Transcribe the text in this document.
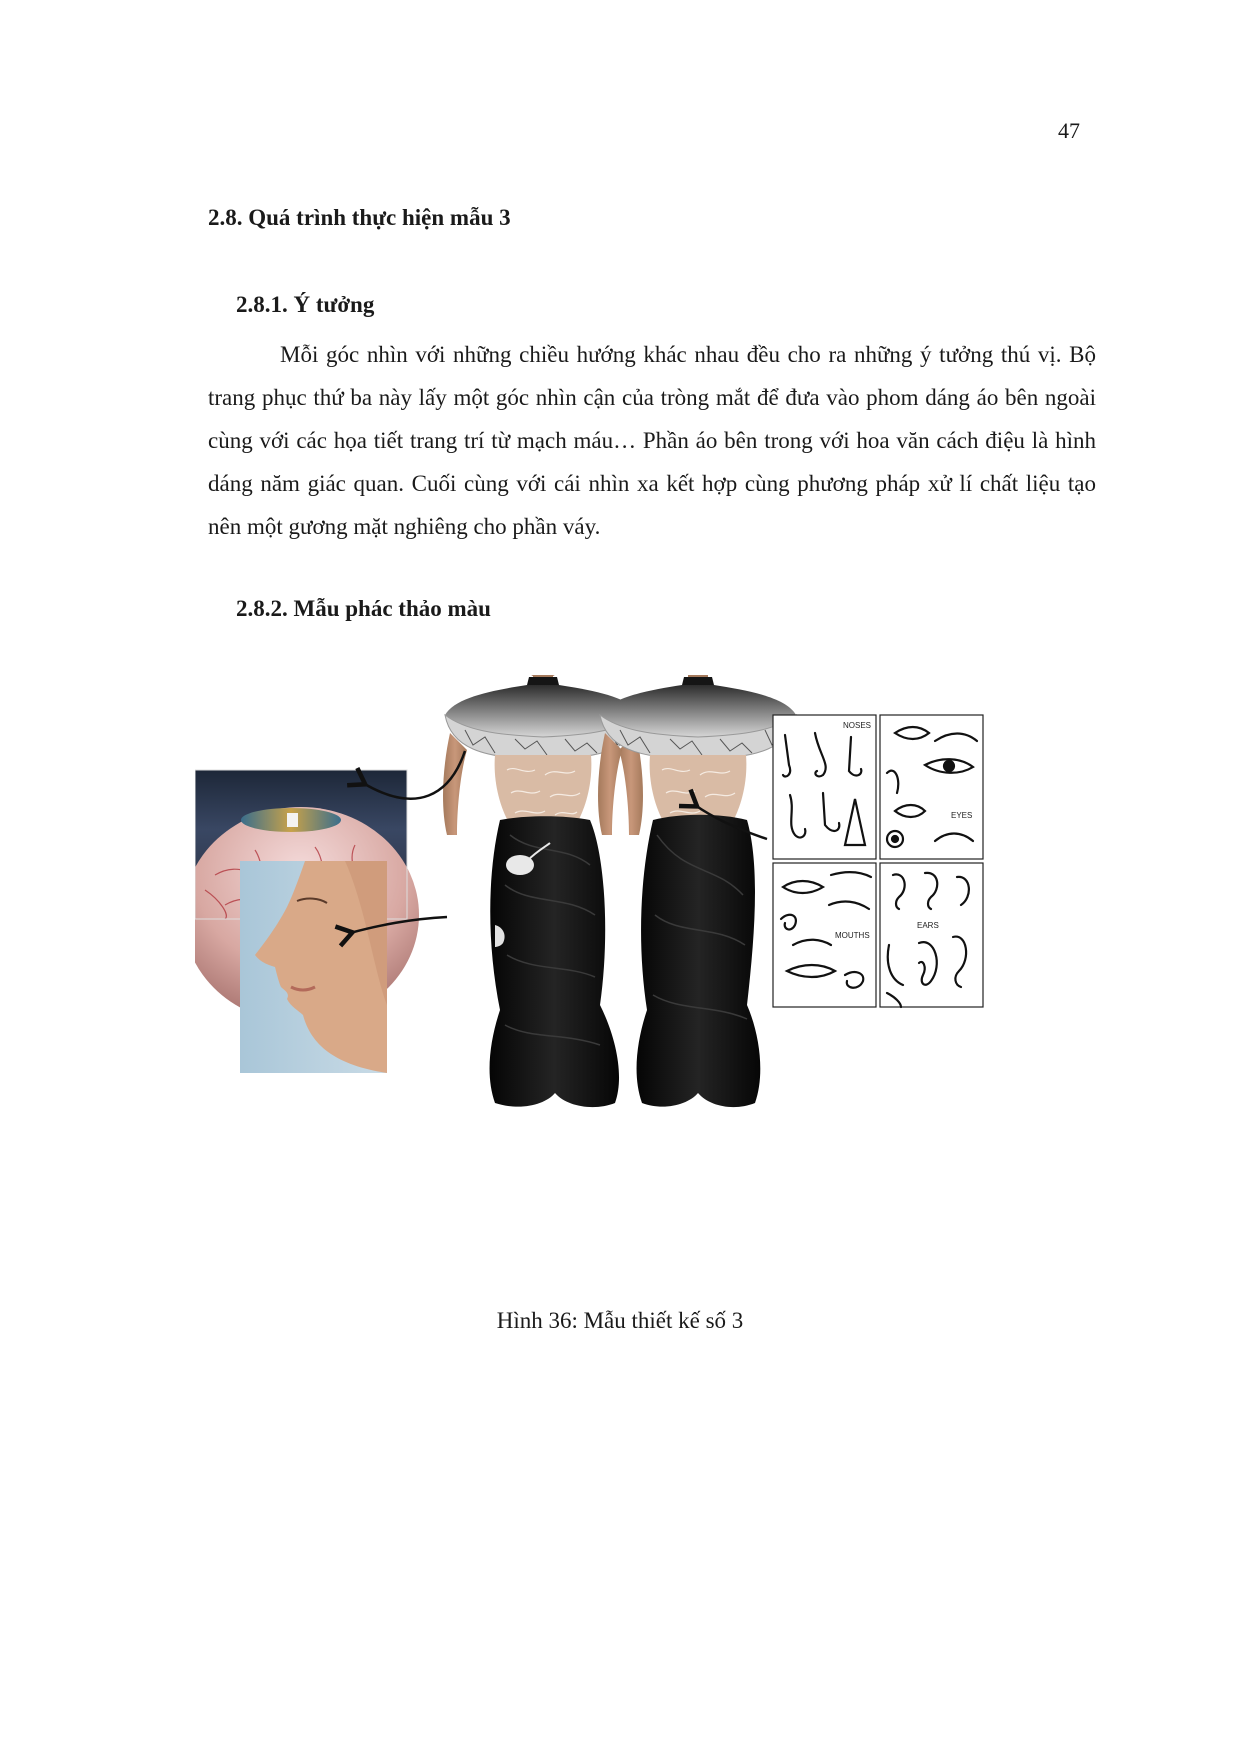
47
2.8. Quá trình thực hiện mẫu 3
2.8.1. Ý tưởng

Mỗi góc nhìn với những chiều hướng khác nhau đều cho ra những ý tưởng thú vị. Bộ trang phục thứ ba này lấy một góc nhìn cận của tròng mắt để đưa vào phom dáng áo bên ngoài cùng với các họa tiết trang trí từ mạch máu… Phần áo bên trong với hoa văn cách điệu là hình dáng năm giác quan. Cuối cùng với cái nhìn xa kết hợp cùng phương pháp xử lí chất liệu tạo nên một gương mặt nghiêng cho phần váy.

2.8.2. Mẫu phác thảo màu
NOSES
EYES
MOUTHS
EARS
Hình 36: Mẫu thiết kế số 3
